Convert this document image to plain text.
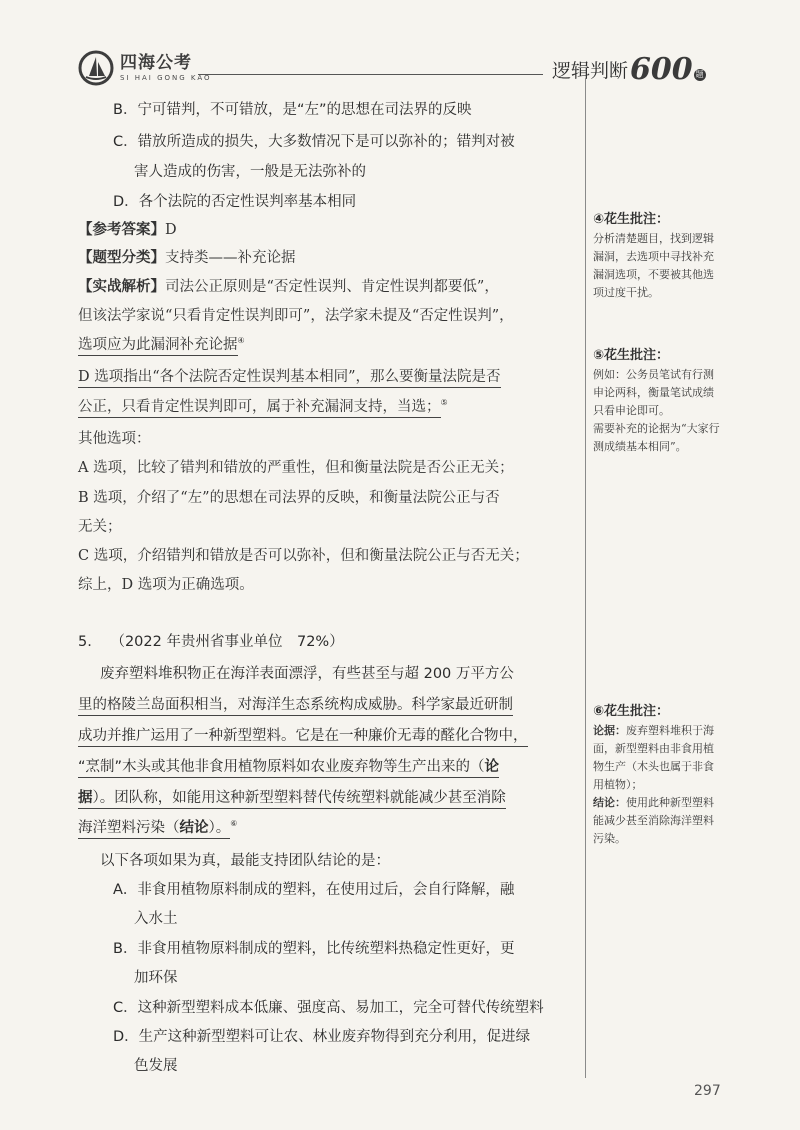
四海公考
SI HAI GONG KAO	逻辑判断 600 题
B．宁可错判，不可错放，是“左”的思想在司法界的反映
C．错放所造成的损失，大多数情况下是可以弥补的；错判对被
害人造成的伤害，一般是无法弥补的
D．各个法院的否定性误判率基本相同
【参考答案】D
【题型分类】支持类——补充论据
【实战解析】司法公正原则是“否定性误判、肯定性误判都要低”，
但该法学家说“只看肯定性误判即可”，法学家未提及“否定性误判”，
选项应为此漏洞补充论据④
D 选项指出“各个法院否定性误判基本相同”，那么要衡量法院是否
公正，只看肯定性误判即可，属于补充漏洞支持，当选；⑤
其他选项：
A 选项，比较了错判和错放的严重性，但和衡量法院是否公正无关；
B 选项，介绍了“左”的思想在司法界的反映，和衡量法院公正与否
无关；
C 选项，介绍错判和错放是否可以弥补，但和衡量法院公正与否无关；
综上，D 选项为正确选项。
5. （2022 年贵州省事业单位　72%）
废弃塑料堆积物正在海洋表面漂浮，有些甚至与超 200 万平方公
里的格陵兰岛面积相当，对海洋生态系统构成威胁。科学家最近研制
成功并推广运用了一种新型塑料。它是在一种廉价无毒的醛化合物中，
“烹制”木头或其他非食用植物原料如农业废弃物等生产出来的（论
据）。团队称，如能用这种新型塑料替代传统塑料就能减少甚至消除
海洋塑料污染（结论）。⑥
以下各项如果为真，最能支持团队结论的是：
A．非食用植物原料制成的塑料，在使用过后，会自行降解，融
入水土
B．非食用植物原料制成的塑料，比传统塑料热稳定性更好，更
加环保
C．这种新型塑料成本低廉、强度高、易加工，完全可替代传统塑料
D．生产这种新型塑料可让农、林业废弃物得到充分利用，促进绿
色发展
④花生批注：
分析清楚题目，找到逻辑漏洞，去选项中寻找补充漏洞选项，不要被其他选项过度干扰。
⑤花生批注：

例如：公务员笔试有行测申论两科，衡量笔试成绩只看申论即可。

需要补充的论据为“大家行测成绩基本相同”。

⑥花生批注：

论据：废弃塑料堆积于海面，新型塑料由非食用植物生产（木头也属于非食用植物）；

结论：使用此种新型塑料能减少甚至消除海洋塑料污染。

297
